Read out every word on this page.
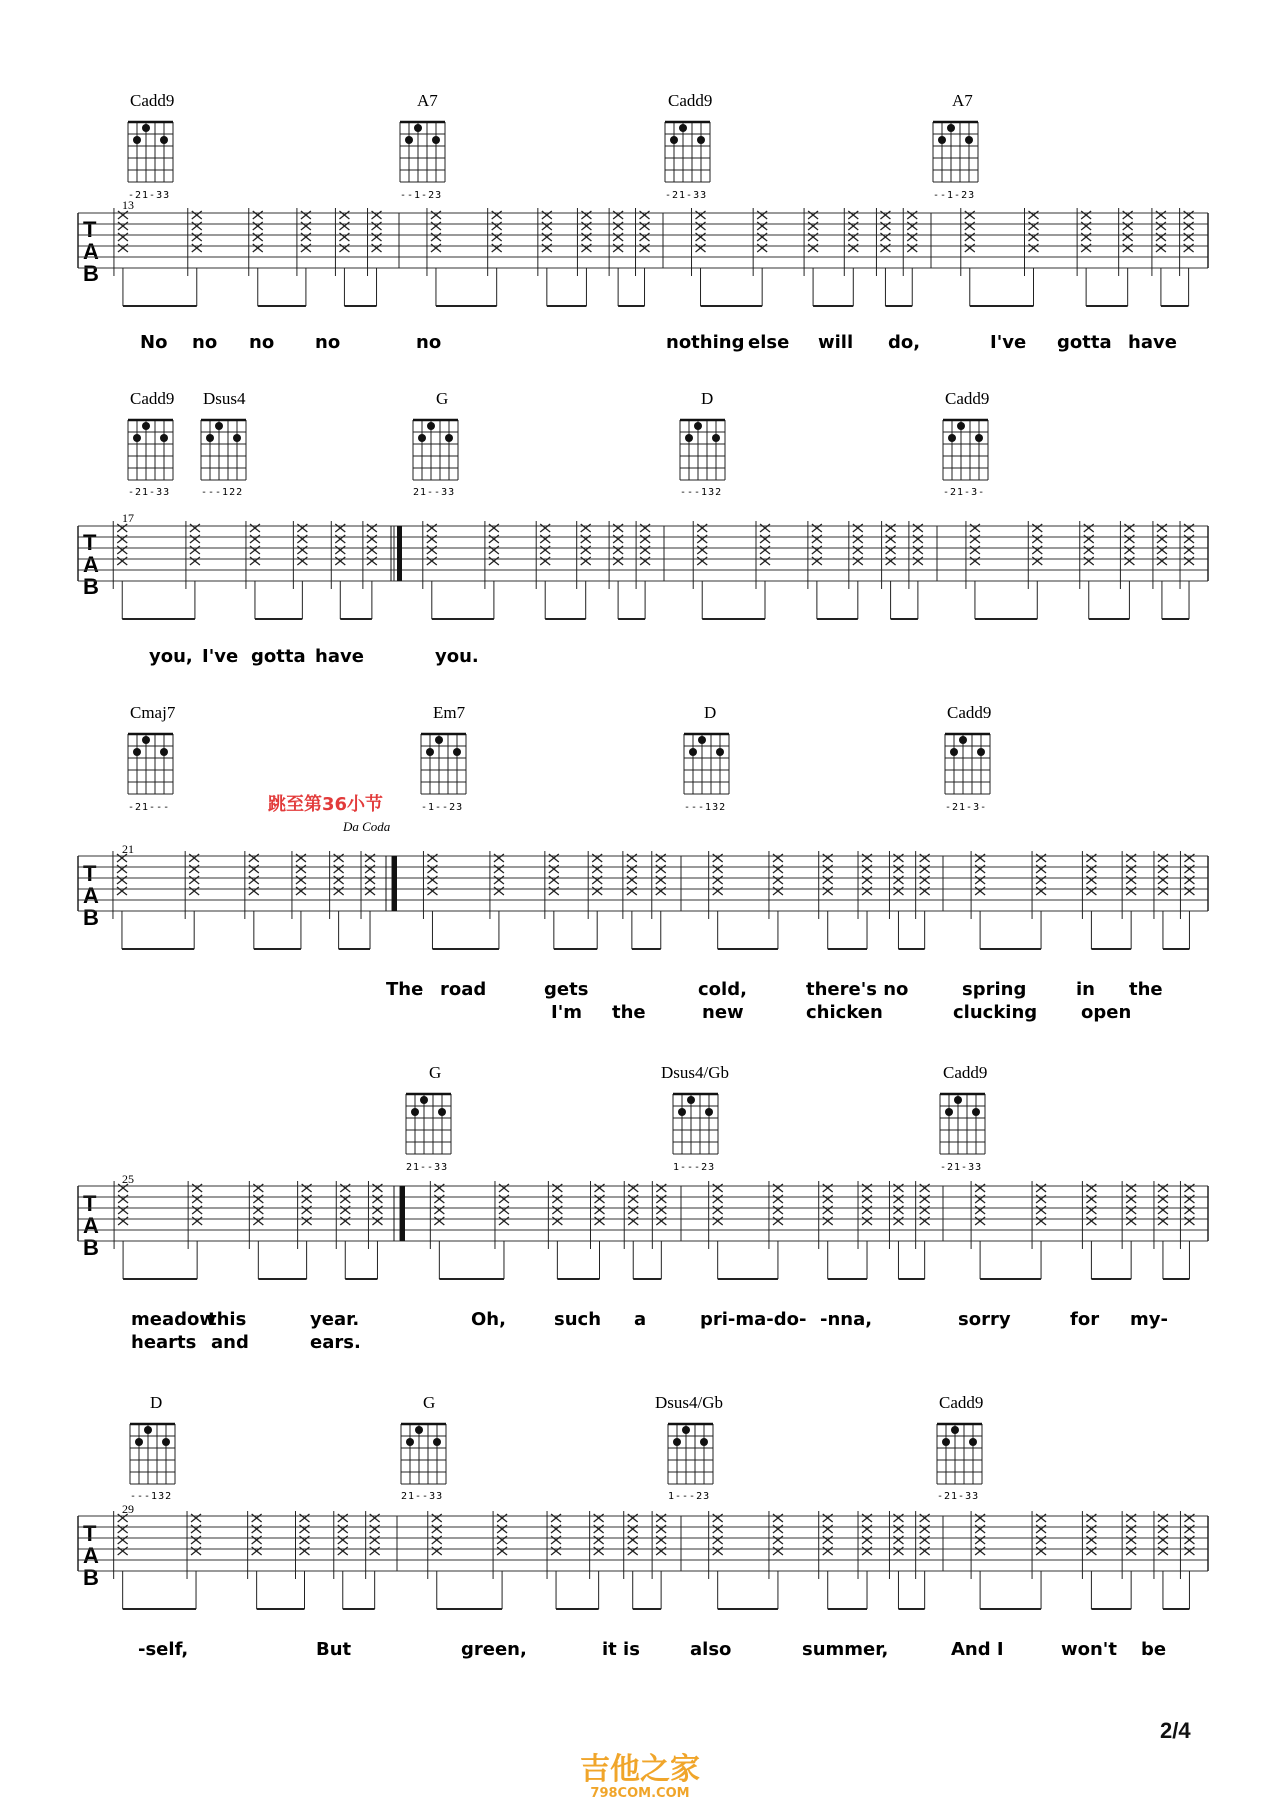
Cadd9
-21-33
A7
--1-23
Cadd9
-21-33
A7
--1-23
13
T
A
B
No no no no	no	nothing else will do,	I've gotta have
Cadd9
-21-33
Dsus4
---122
G
21--33
D
---132
Cadd9
-21-3-
17
T
A
B
you, I've gotta have	you.
Cmaj7
-21---
Em7
-1--23
D
---132
Cadd9
-21-3-
跳至第36小节
Da Coda
21
T
A
B
The road	gets	cold,	there's no	spring	in the
I'm the	new	chicken	clucking open
G
21--33
Dsus4/Gb
1---23
Cadd9
-21-33
25
T
A
B
meadow
this	year.	Oh,	such a	pri-ma-do- -nna,	sorry	for my-
hearts and	ears.
D
---132
G
21--33
Dsus4/Gb
1---23
Cadd9
-21-33
29
T
A
B
-self,	But	green,	it is	also	summer,	And I	won't be
2/4
吉他之家
798COM.COM
